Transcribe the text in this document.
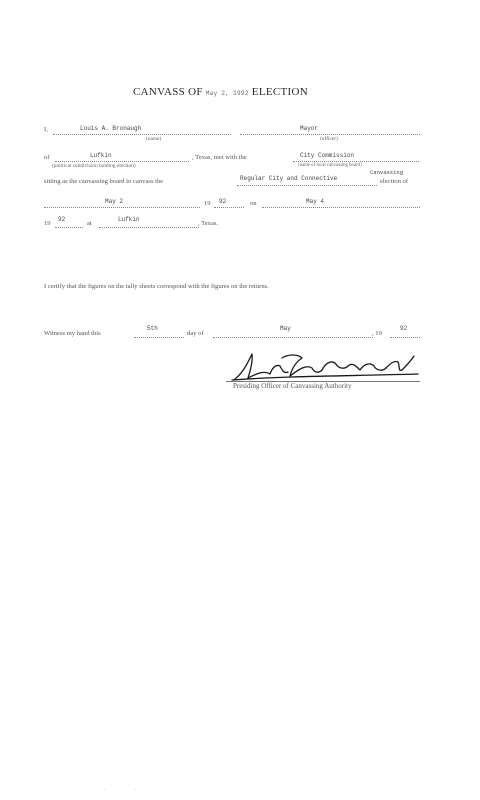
CANVASS OF May 2, 1992 ELECTION
I,	Louis A. Bronaugh
(name)
Mayor
(officer)
of	Lufkin
(political subdivision holding election)
, Texas, met with the	City Commission
(name of local canvassing board)
Canvassing
sitting as the canvassing board to canvass the	Regular City and Connective	election of
May 2	19 92	on	May 4
19
92
at
Lufkin
, Texas.
I certify that the figures on the tally sheets correspond with the figures on the returns.
Witness my hand this
5th
day of
May
, 19
92
Presiding Officer of Canvassing Authority
·	·
